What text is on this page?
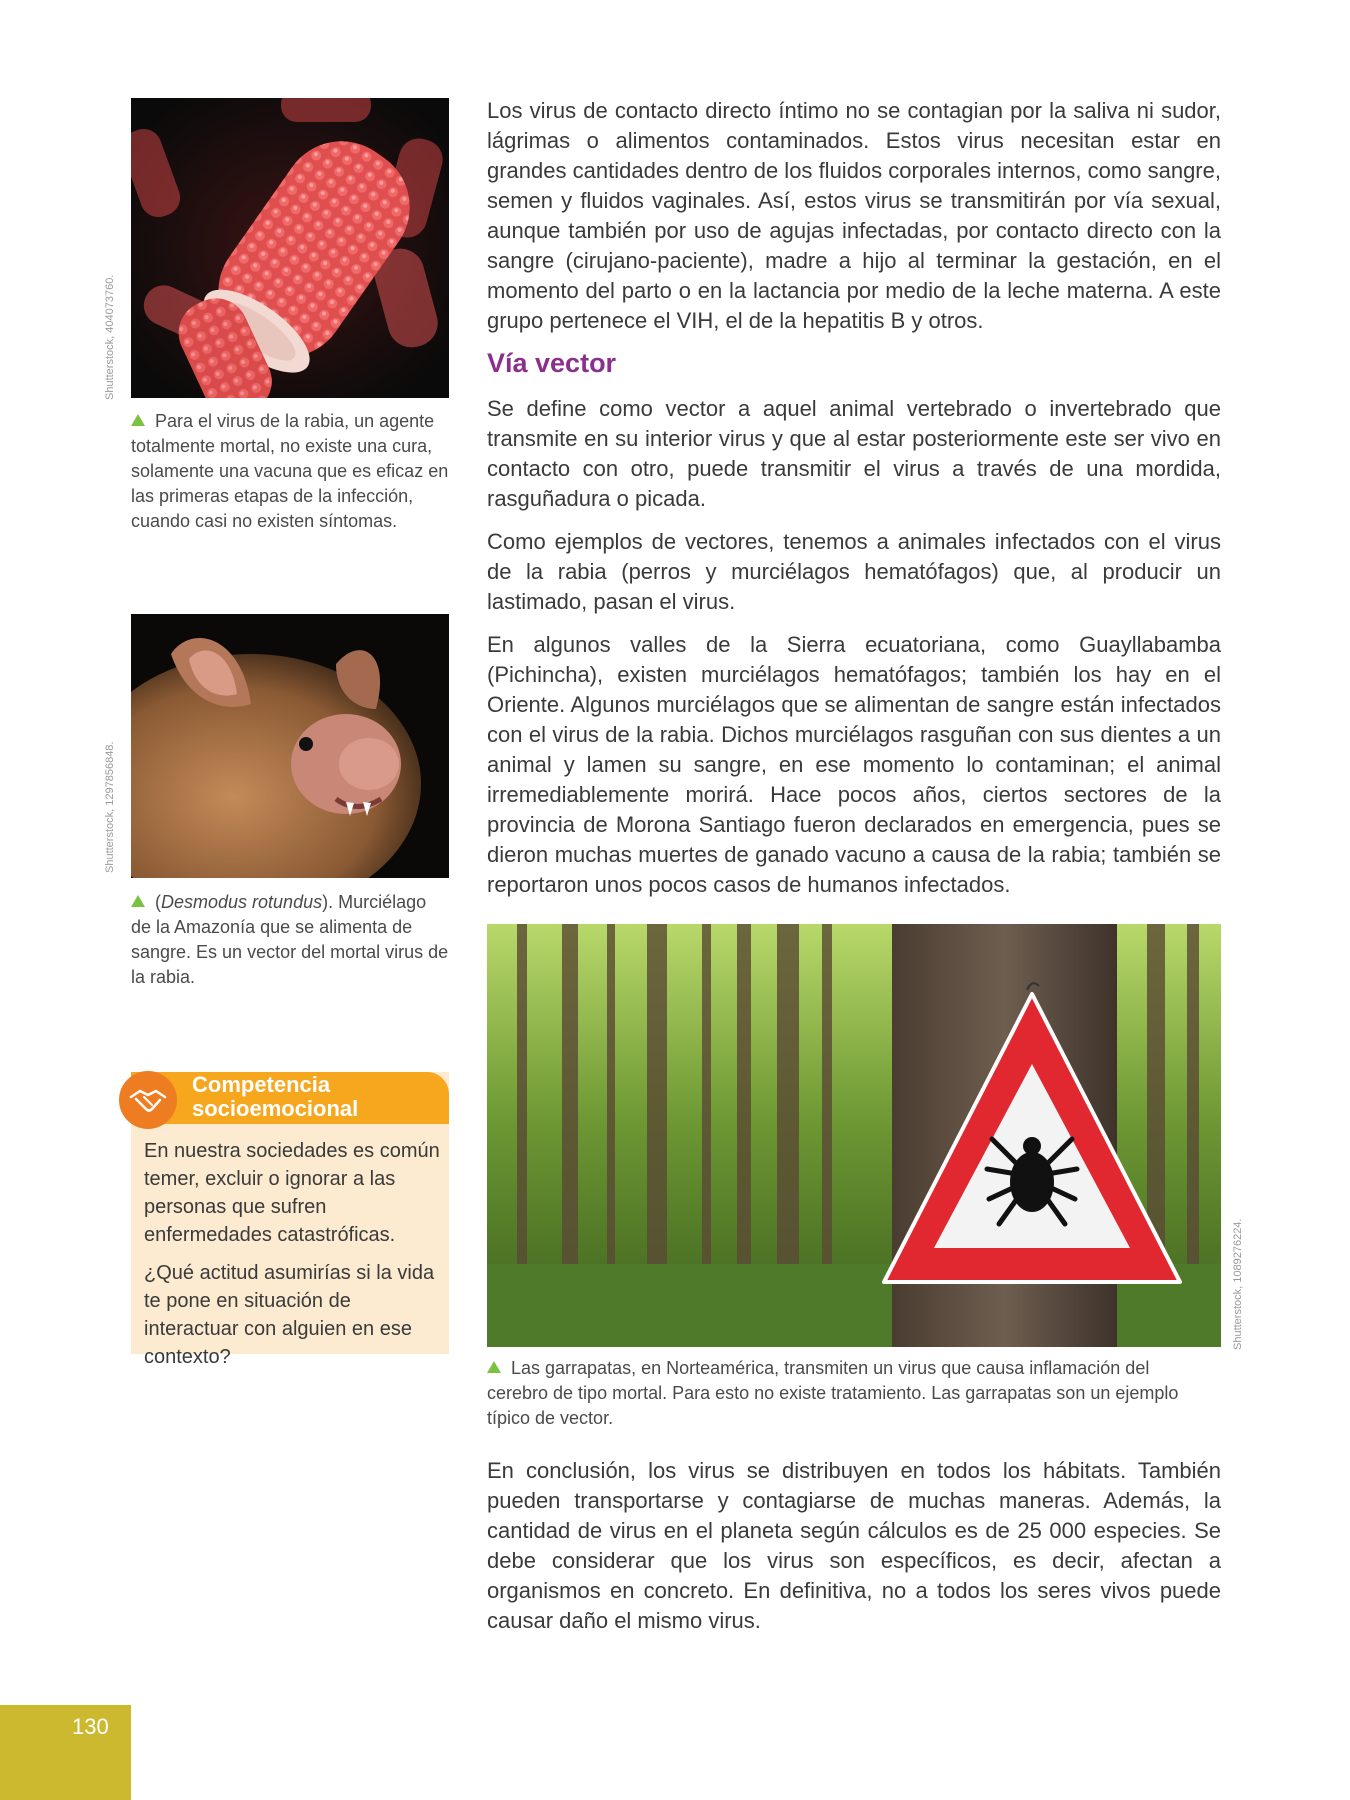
Shutterstock, 404073760.
Shutterstock, 1297856848.
Shutterstock, 1089276224.
Para el virus de la rabia, un agente totalmente mortal, no existe una cura, solamente una vacuna que es eficaz en las primeras etapas de la infección, cuando casi no existen síntomas.
(Desmodus rotundus). Murciélago de la Amazonía que se alimenta de sangre. Es un vector del mortal virus de la rabia.
Competencia socioemocional

En nuestra sociedades es común temer, excluir o ignorar a las personas que sufren enfermedades catastróficas.

¿Qué actitud asumirías si la vida te pone en situación de interactuar con alguien en ese contexto?

Los virus de contacto directo íntimo no se contagian por la saliva ni sudor, lágrimas o alimentos contaminados. Estos virus necesitan estar en grandes cantidades dentro de los fluidos corporales internos, como sangre, semen y fluidos vaginales. Así, estos virus se transmitirán por vía sexual, aunque también por uso de agujas infectadas, por contacto directo con la sangre (cirujano-paciente), madre a hijo al terminar la gestación, en el momento del parto o en la lactancia por medio de la leche materna. A este grupo pertenece el VIH, el de la hepatitis B y otros.

Vía vector

Se define como vector a aquel animal vertebrado o invertebrado que transmite en su interior virus y que al estar posteriormente este ser vivo en contacto con otro, puede transmitir el virus a través de una mordida, rasguñadura o picada.

Como ejemplos de vectores, tenemos a animales infectados con el virus de la rabia (perros y murciélagos hematófagos) que, al producir un lastimado, pasan el virus.

En algunos valles de la Sierra ecuatoriana, como Guayllabamba (Pichincha), existen murciélagos hematófagos; también los hay en el Oriente. Algunos murciélagos que se alimentan de sangre están infectados con el virus de la rabia. Dichos murciélagos rasguñan con sus dientes a un animal y lamen su sangre, en ese momento lo contaminan; el animal irremediablemente morirá. Hace pocos años, ciertos sectores de la provincia de Morona Santiago fueron declarados en emergencia, pues se dieron muchas muertes de ganado vacuno a causa de la rabia; también se reportaron unos pocos casos de humanos infectados.

Las garrapatas, en Norteamérica, transmiten un virus que causa inflamación del cerebro de tipo mortal. Para esto no existe tratamiento. Las garrapatas son un ejemplo típico de vector.

En conclusión, los virus se distribuyen en todos los hábitats. También pueden transportarse y contagiarse de muchas maneras. Además, la cantidad de virus en el planeta según cálculos es de 25 000 especies. Se debe considerar que los virus son específicos, es decir, afectan a organismos en concreto. En definitiva, no a todos los seres vivos puede causar daño el mismo virus.

130
